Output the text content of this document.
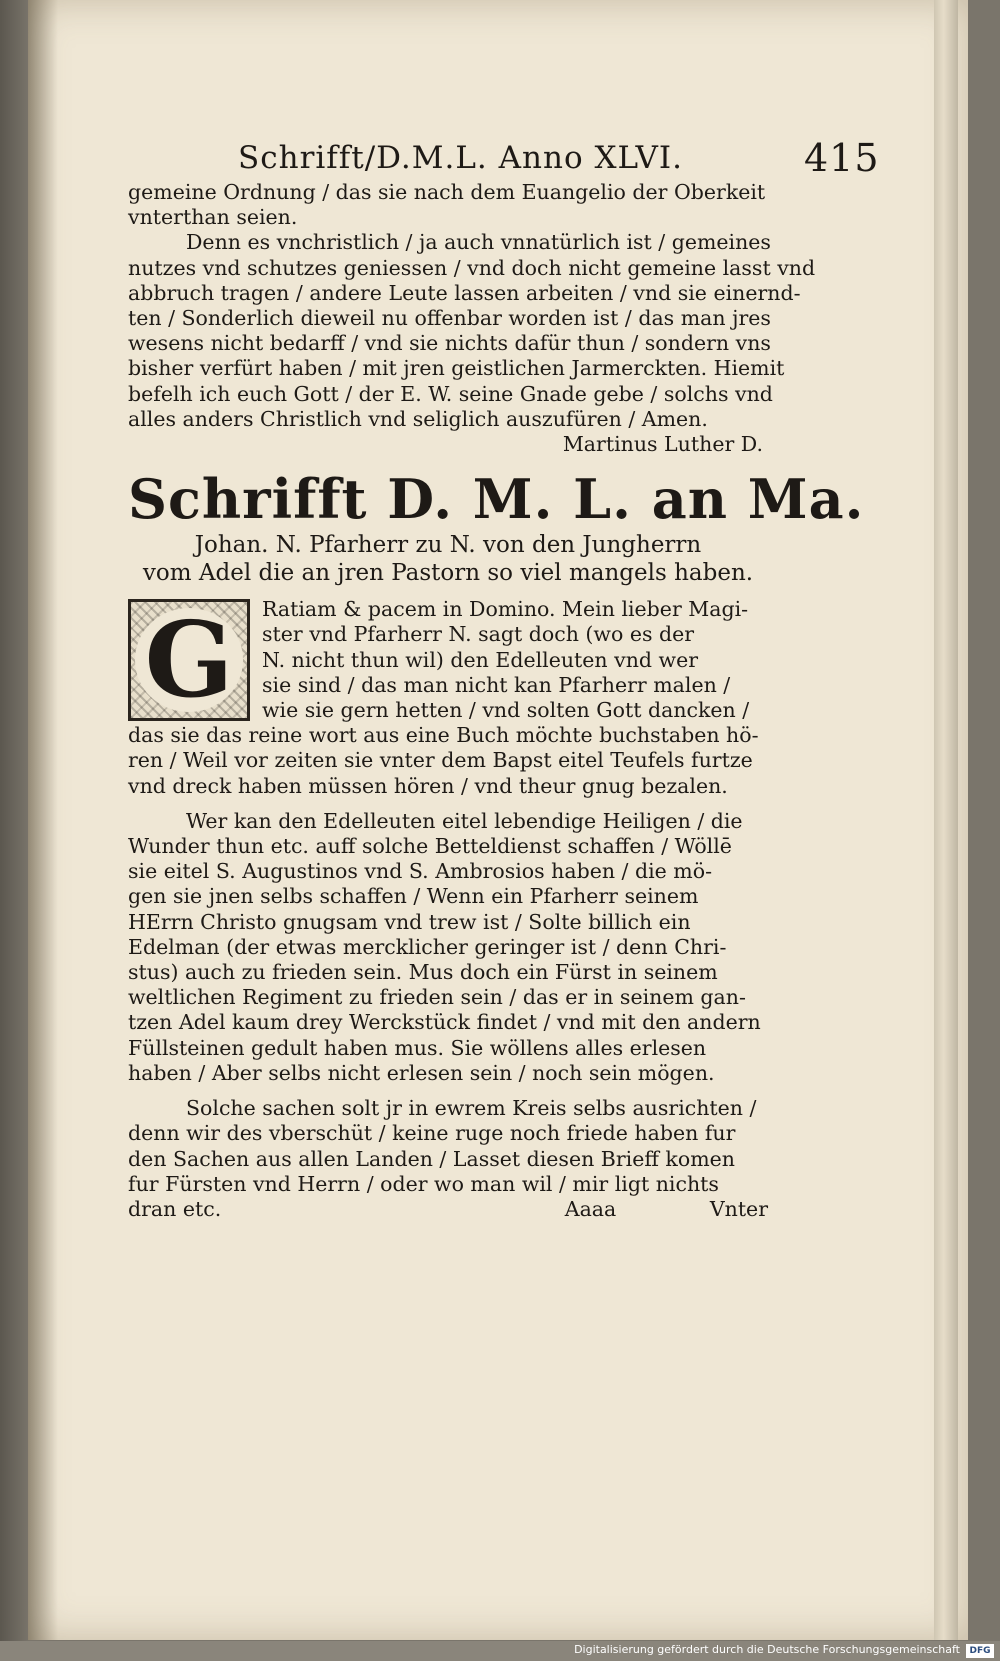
Schrifft/D.M.L. Anno XLVI.	415
gemeine Ordnung / das sie nach dem Euangelio der Oberkeit
vnterthan seien.
Denn es vnchristlich / ja auch vnnatürlich ist / gemeines
nutzes vnd schutzes geniessen / vnd doch nicht gemeine lasst vnd
abbruch tragen / andere Leute lassen arbeiten / vnd sie einernd-
ten / Sonderlich dieweil nu offenbar worden ist / das man jres
wesens nicht bedarff / vnd sie nichts dafür thun / sondern vns
bisher verfürt haben / mit jren geistlichen Jarmerckten. Hiemit
befelh ich euch Gott / der E. W. seine Gnade gebe / solchs vnd
alles anders Christlich vnd seliglich auszufüren / Amen.
Martinus Luther D.
Schrifft D. M. L. an Ma.
Johan. N. Pfarherr zu N. von den Jungherrn
vom Adel die an jren Pastorn so viel mangels haben.
G	Ratiam & pacem in Domino. Mein lieber Magi-
ster vnd Pfarherr N. sagt doch (wo es der
N. nicht thun wil) den Edelleuten vnd wer
sie sind / das man nicht kan Pfarherr malen /
wie sie gern hetten / vnd solten Gott dancken /
das sie das reine wort aus eine Buch möchte buchstaben hö-
ren / Weil vor zeiten sie vnter dem Bapst eitel Teufels furtze
vnd dreck haben müssen hören / vnd theur gnug bezalen.
Wer kan den Edelleuten eitel lebendige Heiligen / die
Wunder thun etc. auff solche Betteldienst schaffen / Wöllē
sie eitel S. Augustinos vnd S. Ambrosios haben / die mö-
gen sie jnen selbs schaffen / Wenn ein Pfarherr seinem
HErrn Christo gnugsam vnd trew ist / Solte billich ein
Edelman (der etwas mercklicher geringer ist / denn Chri-
stus) auch zu frieden sein. Mus doch ein Fürst in seinem
weltlichen Regiment zu frieden sein / das er in seinem gan-
tzen Adel kaum drey Werckstück findet / vnd mit den andern
Füllsteinen gedult haben mus. Sie wöllens alles erlesen
haben / Aber selbs nicht erlesen sein / noch sein mögen.
Solche sachen solt jr in ewrem Kreis selbs ausrichten /
denn wir des vberschüt / keine ruge noch friede haben fur
den Sachen aus allen Landen / Lasset diesen Brieff komen
fur Fürsten vnd Herrn / oder wo man wil / mir ligt nichts
dran etc.	Aaaa	Vnter
Digitalisierung gefördert durch die Deutsche Forschungsgemeinschaft	DFG
